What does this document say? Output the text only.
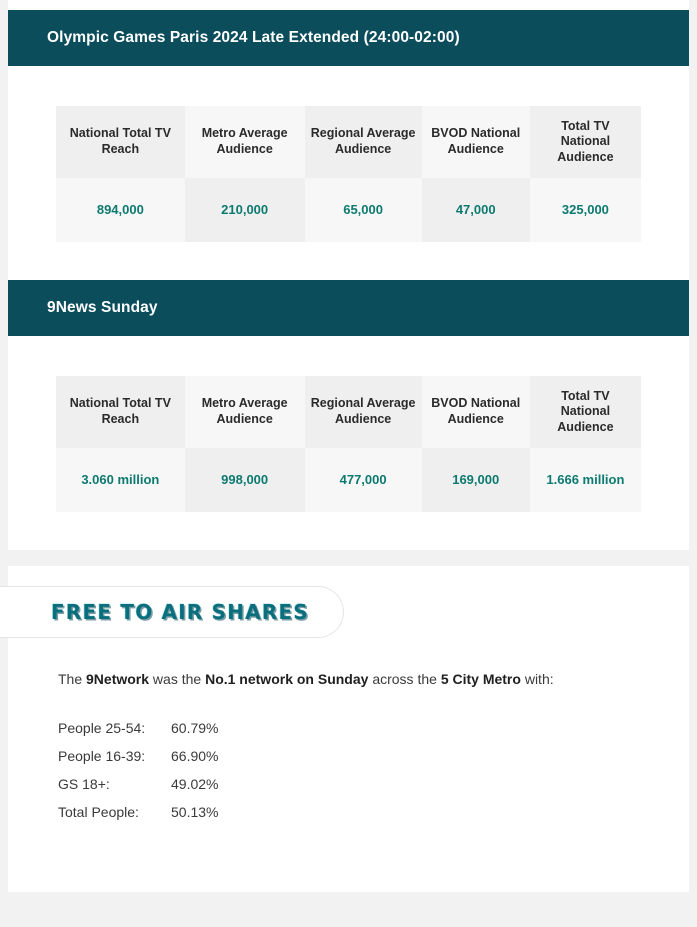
Olympic Games Paris 2024 Late Extended (24:00-02:00)
National Total TV Reach	Metro Average Audience	Regional Average Audience	BVOD National Audience	Total TV National Audience
894,000	210,000	65,000	47,000	325,000
9News Sunday
National Total TV Reach	Metro Average Audience	Regional Average Audience	BVOD National Audience	Total TV National Audience
3.060 million	998,000	477,000	169,000	1.666 million
FREE TO AIR SHARES

The 9Network was the No.1 network on Sunday across the 5 City Metro with:

People 25-54:	60.79%
People 16-39:	66.90%
GS 18+:	49.02%
Total People:	50.13%
